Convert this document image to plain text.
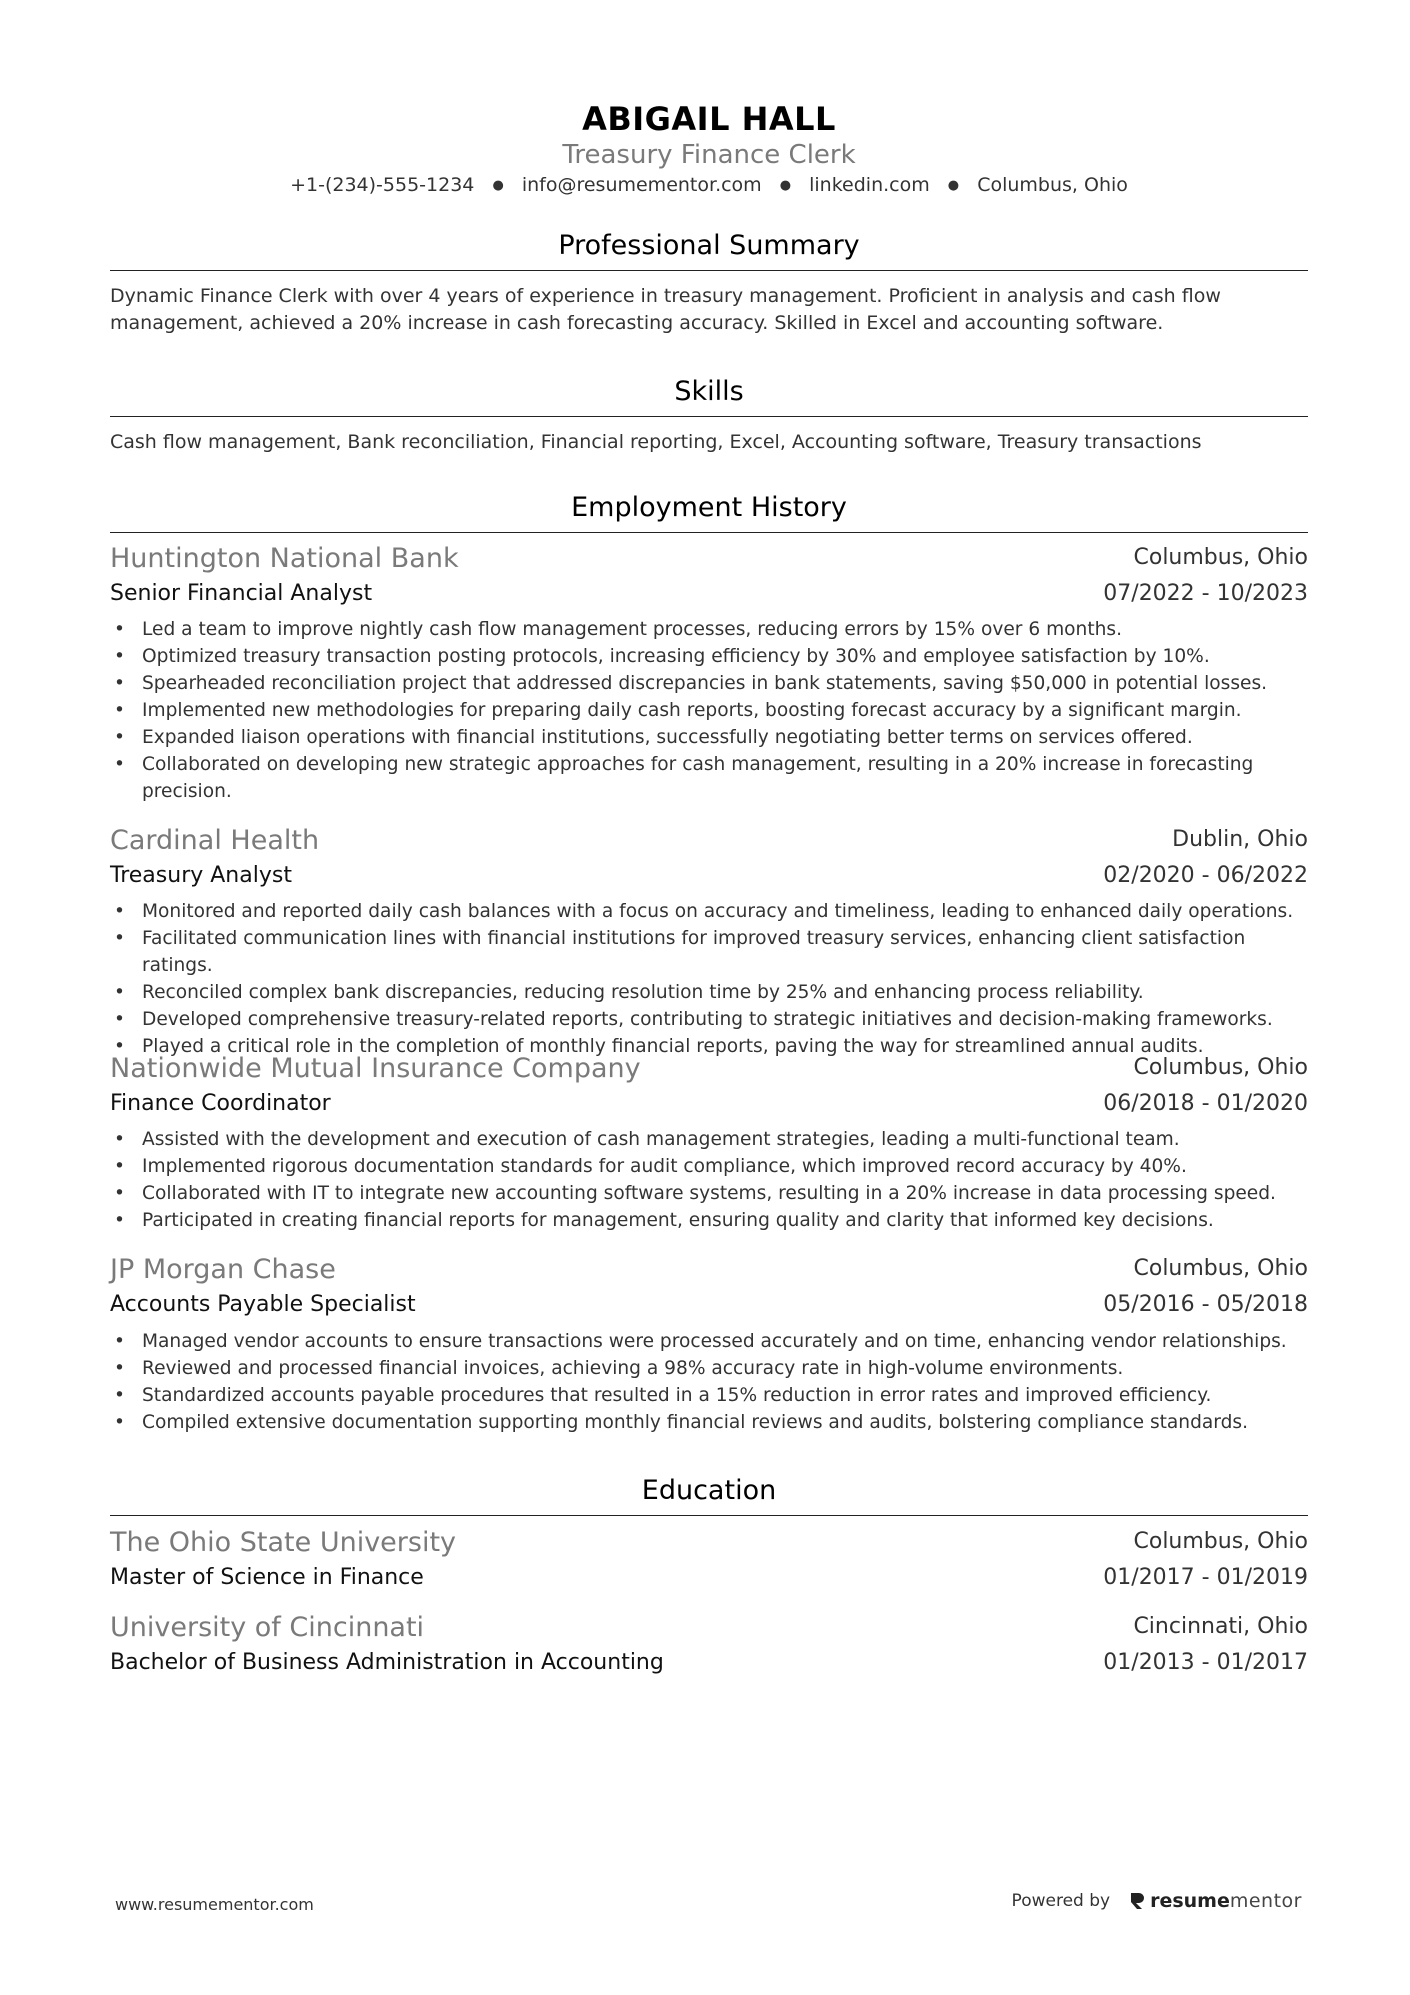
ABIGAIL HALL
Treasury Finance Clerk
+1-(234)-555-1234 ● info@resumementor.com ● linkedin.com ● Columbus, Ohio
Professional Summary
Dynamic Finance Clerk with over 4 years of experience in treasury management. Proficient in analysis and cash flow management, achieved a 20% increase in cash forecasting accuracy. Skilled in Excel and accounting software.
Skills
Cash flow management, Bank reconciliation, Financial reporting, Excel, Accounting software, Treasury transactions
Employment History
Huntington National Bank	Columbus, Ohio
Senior Financial Analyst	07/2022 - 10/2023
• Led a team to improve nightly cash flow management processes, reducing errors by 15% over 6 months.
• Optimized treasury transaction posting protocols, increasing efficiency by 30% and employee satisfaction by 10%.
• Spearheaded reconciliation project that addressed discrepancies in bank statements, saving $50,000 in potential losses.
• Implemented new methodologies for preparing daily cash reports, boosting forecast accuracy by a significant margin.
• Expanded liaison operations with financial institutions, successfully negotiating better terms on services offered.
• Collaborated on developing new strategic approaches for cash management, resulting in a 20% increase in forecasting precision.
Cardinal Health	Dublin, Ohio
Treasury Analyst	02/2020 - 06/2022
• Monitored and reported daily cash balances with a focus on accuracy and timeliness, leading to enhanced daily operations.
• Facilitated communication lines with financial institutions for improved treasury services, enhancing client satisfaction ratings.
• Reconciled complex bank discrepancies, reducing resolution time by 25% and enhancing process reliability.
• Developed comprehensive treasury-related reports, contributing to strategic initiatives and decision-making frameworks.
• Played a critical role in the completion of monthly financial reports, paving the way for streamlined annual audits.
Nationwide Mutual Insurance Company	Columbus, Ohio
Finance Coordinator	06/2018 - 01/2020
• Assisted with the development and execution of cash management strategies, leading a multi-functional team.
• Implemented rigorous documentation standards for audit compliance, which improved record accuracy by 40%.
• Collaborated with IT to integrate new accounting software systems, resulting in a 20% increase in data processing speed.
• Participated in creating financial reports for management, ensuring quality and clarity that informed key decisions.
JP Morgan Chase	Columbus, Ohio
Accounts Payable Specialist	05/2016 - 05/2018
• Managed vendor accounts to ensure transactions were processed accurately and on time, enhancing vendor relationships.
• Reviewed and processed financial invoices, achieving a 98% accuracy rate in high-volume environments.
• Standardized accounts payable procedures that resulted in a 15% reduction in error rates and improved efficiency.
• Compiled extensive documentation supporting monthly financial reviews and audits, bolstering compliance standards.
Education
The Ohio State University	Columbus, Ohio
Master of Science in Finance	01/2017 - 01/2019
University of Cincinnati	Cincinnati, Ohio
Bachelor of Business Administration in Accounting	01/2013 - 01/2017
www.resumementor.com	Powered by resumementor
